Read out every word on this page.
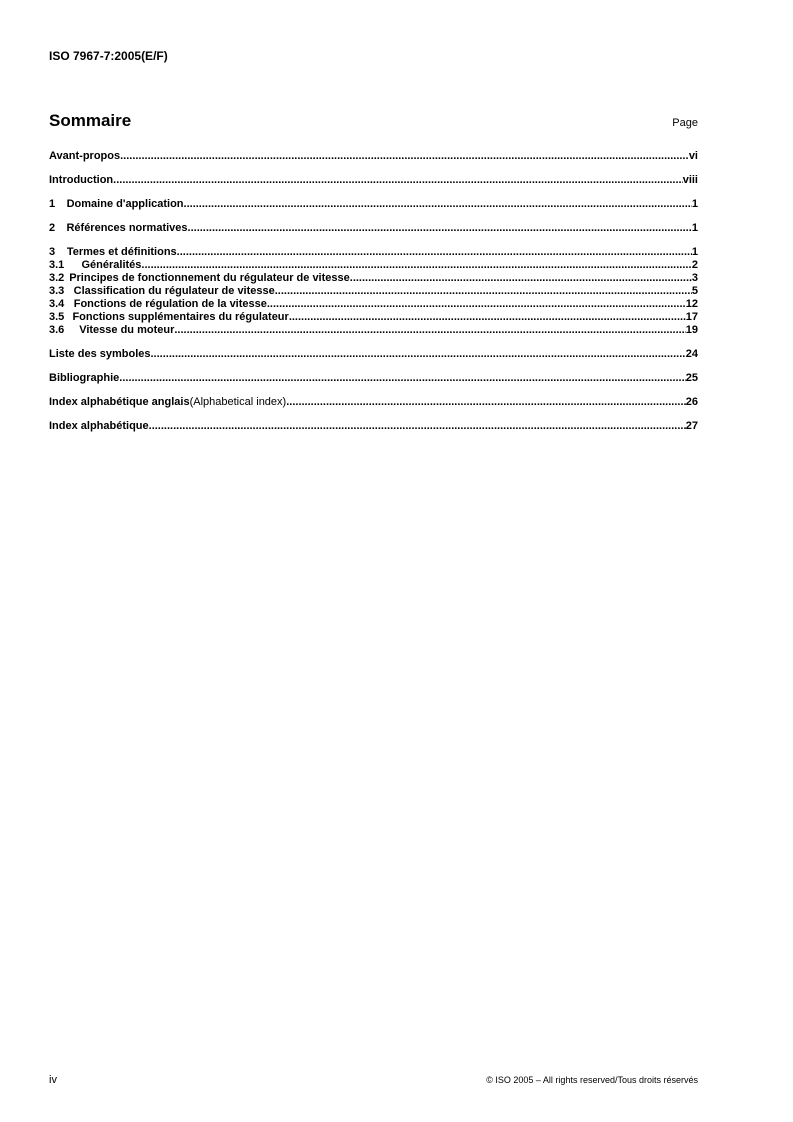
ISO 7967-7:2005(E/F)
Sommaire	Page
Avant-propos .....	vi
Introduction .....	viii
1	Domaine d'application .....	1
2	Références normatives .....	1
3	Termes et définitions .....	1
3.1	Généralités .....	2
3.2 Principes de fonctionnement du régulateur de vitesse .....	3
3.3 Classification du régulateur de vitesse .....	5
3.4 Fonctions de régulation de la vitesse .....	12
3.5 Fonctions supplémentaires du régulateur .....	17
3.6	Vitesse du moteur .....	19
Liste des symboles .....	24
Bibliographie .....	25
Index alphabétique anglais (Alphabetical index) .....	26
Index alphabétique .....	27
iv	© ISO 2005 – All rights reserved/Tous droits réservés
